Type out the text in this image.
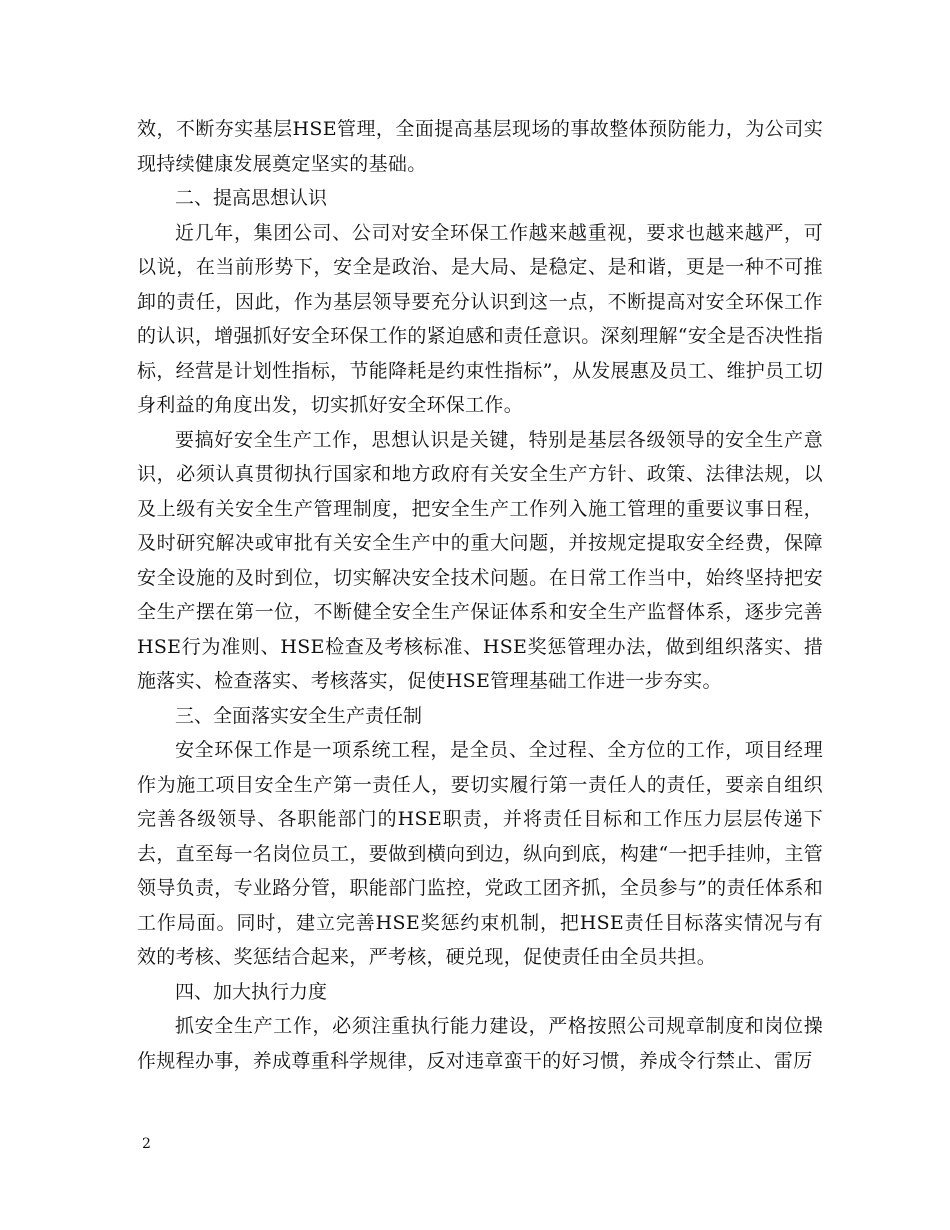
效，不断夯实基层HSE管理，全面提高基层现场的事故整体预防能力，为公司实现持续健康发展奠定坚实的基础。

二、提高思想认识

近几年，集团公司、公司对安全环保工作越来越重视，要求也越来越严，可以说，在当前形势下，安全是政治、是大局、是稳定、是和谐，更是一种不可推卸的责任，因此，作为基层领导要充分认识到这一点，不断提高对安全环保工作的认识，增强抓好安全环保工作的紧迫感和责任意识。深刻理解“安全是否决性指标，经营是计划性指标，节能降耗是约束性指标”，从发展惠及员工、维护员工切身利益的角度出发，切实抓好安全环保工作。

要搞好安全生产工作，思想认识是关键，特别是基层各级领导的安全生产意识，必须认真贯彻执行国家和地方政府有关安全生产方针、政策、法律法规，以及上级有关安全生产管理制度，把安全生产工作列入施工管理的重要议事日程，及时研究解决或审批有关安全生产中的重大问题，并按规定提取安全经费，保障安全设施的及时到位，切实解决安全技术问题。在日常工作当中，始终坚持把安全生产摆在第一位，不断健全安全生产保证体系和安全生产监督体系，逐步完善HSE行为准则、HSE检查及考核标准、HSE奖惩管理办法，做到组织落实、措施落实、检查落实、考核落实，促使HSE管理基础工作进一步夯实。

三、全面落实安全生产责任制

安全环保工作是一项系统工程，是全员、全过程、全方位的工作，项目经理作为施工项目安全生产第一责任人，要切实履行第一责任人的责任，要亲自组织完善各级领导、各职能部门的HSE职责，并将责任目标和工作压力层层传递下去，直至每一名岗位员工，要做到横向到边，纵向到底，构建“一把手挂帅，主管领导负责，专业路分管，职能部门监控，党政工团齐抓，全员参与”的责任体系和工作局面。同时，建立完善HSE奖惩约束机制，把HSE责任目标落实情况与有效的考核、奖惩结合起来，严考核，硬兑现，促使责任由全员共担。

四、加大执行力度

抓安全生产工作，必须注重执行能力建设，严格按照公司规章制度和岗位操作规程办事，养成尊重科学规律，反对违章蛮干的好习惯，养成令行禁止、雷厉

2
